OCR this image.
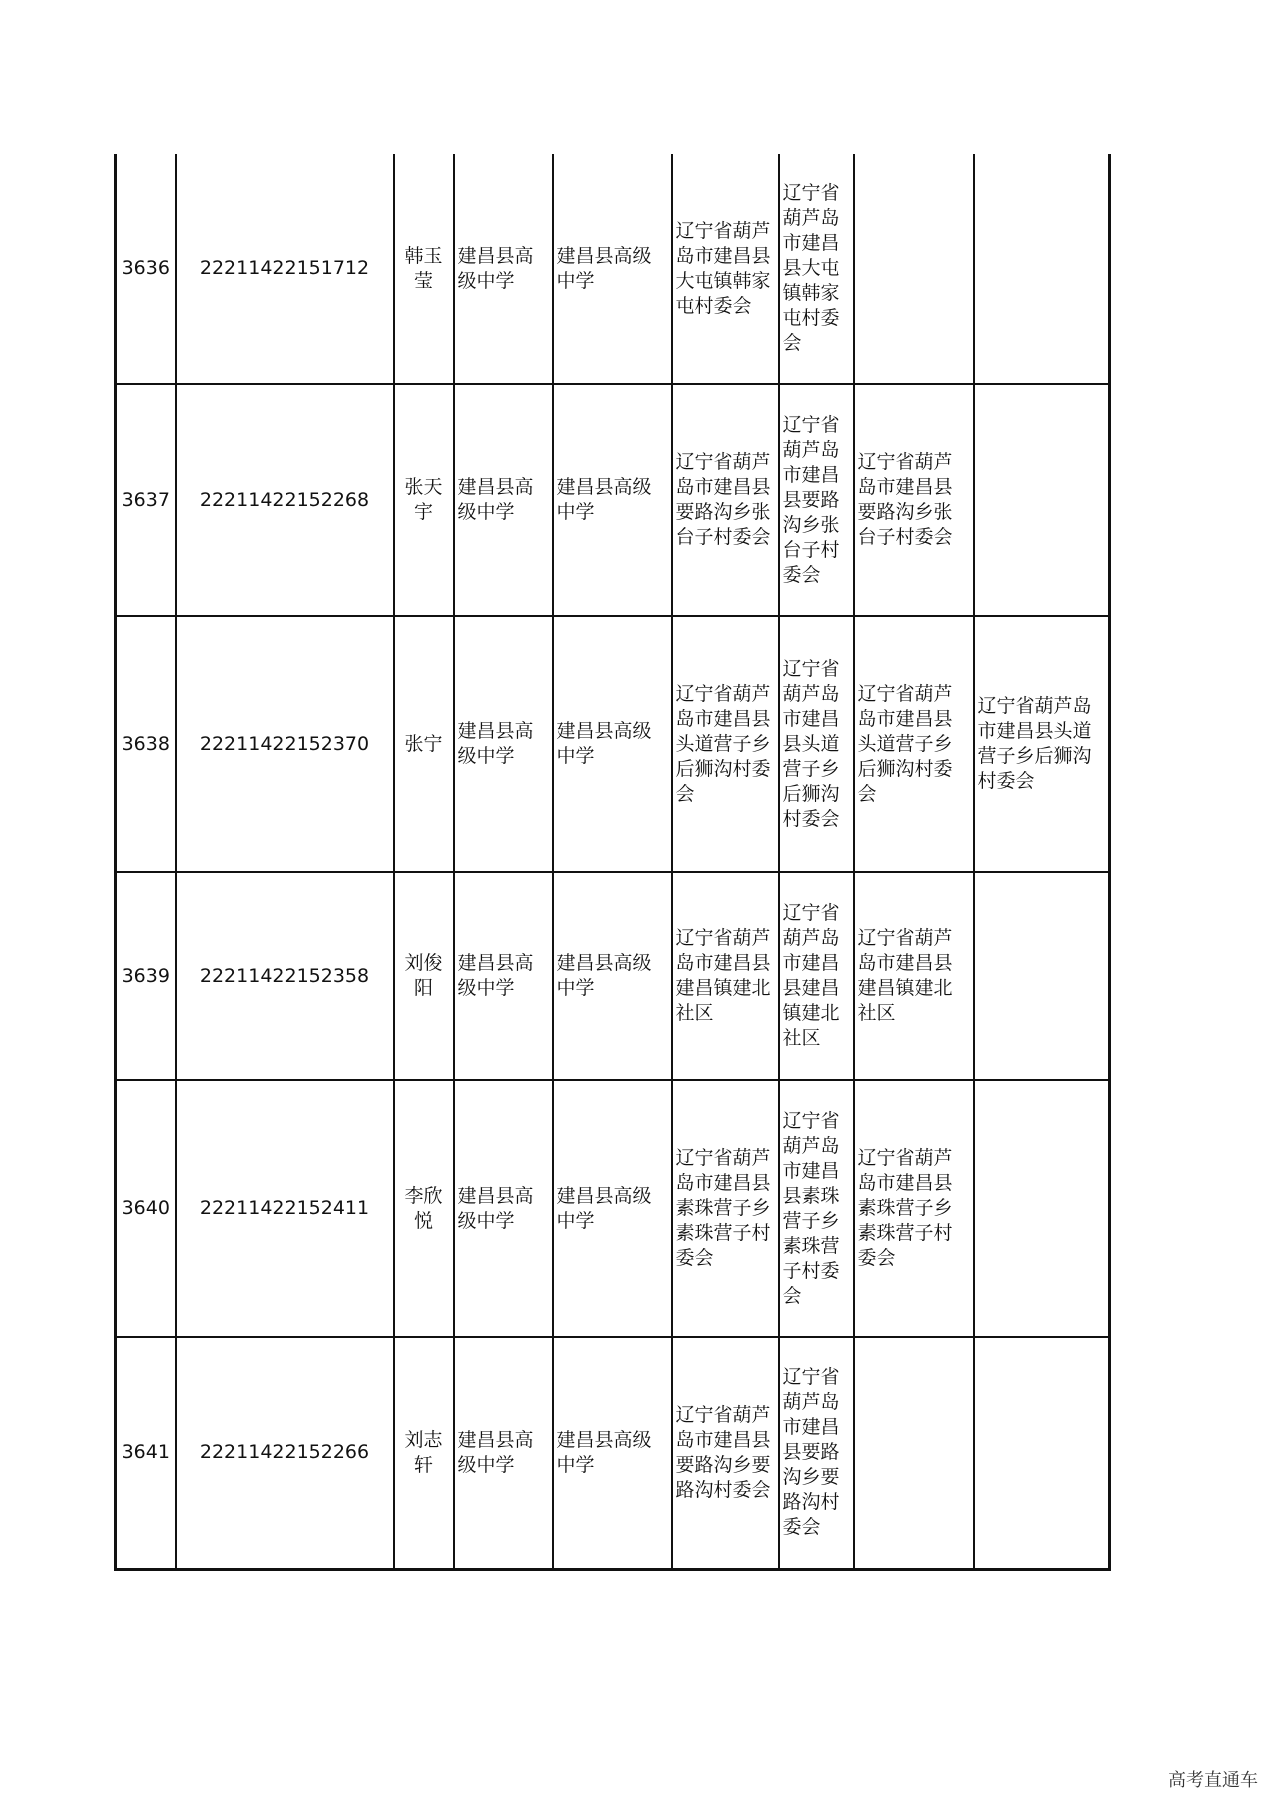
3636	22211422151712	韩玉莹	建昌县高级中学	建昌县高级中学	辽宁省葫芦岛市建昌县大屯镇韩家屯村委会	辽宁省葫芦岛市建昌县大屯镇韩家屯村委会		
3637	22211422152268	张天宇	建昌县高级中学	建昌县高级中学	辽宁省葫芦岛市建昌县要路沟乡张台子村委会	辽宁省葫芦岛市建昌县要路沟乡张台子村委会	辽宁省葫芦岛市建昌县要路沟乡张台子村委会	
3638	22211422152370	张宁	建昌县高级中学	建昌县高级中学	辽宁省葫芦岛市建昌县头道营子乡后狮沟村委会	辽宁省葫芦岛市建昌县头道营子乡后狮沟村委会	辽宁省葫芦岛市建昌县头道营子乡后狮沟村委会	辽宁省葫芦岛市建昌县头道营子乡后狮沟村委会
3639	22211422152358	刘俊阳	建昌县高级中学	建昌县高级中学	辽宁省葫芦岛市建昌县建昌镇建北社区	辽宁省葫芦岛市建昌县建昌镇建北社区	辽宁省葫芦岛市建昌县建昌镇建北社区	
3640	22211422152411	李欣悦	建昌县高级中学	建昌县高级中学	辽宁省葫芦岛市建昌县素珠营子乡素珠营子村委会	辽宁省葫芦岛市建昌县素珠营子乡素珠营子村委会	辽宁省葫芦岛市建昌县素珠营子乡素珠营子村委会	
3641	22211422152266	刘志轩	建昌县高级中学	建昌县高级中学	辽宁省葫芦岛市建昌县要路沟乡要路沟村委会	辽宁省葫芦岛市建昌县要路沟乡要路沟村委会		
高考直通车
